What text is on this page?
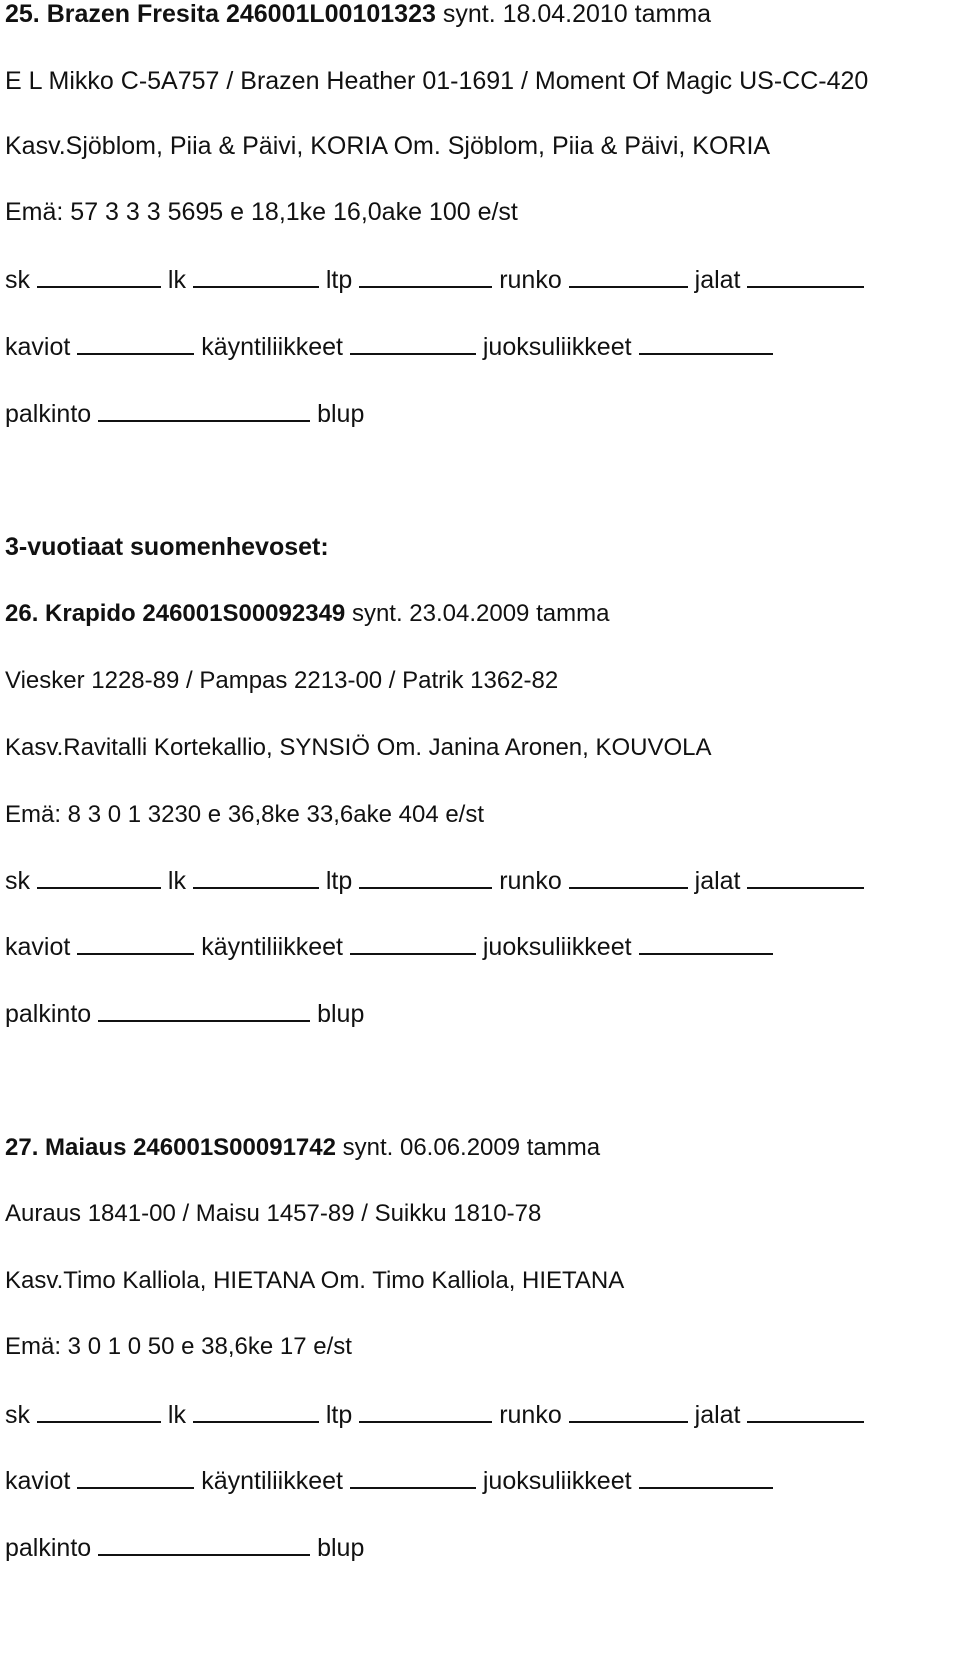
25. Brazen Fresita 246001L00101323 synt. 18.04.2010 tamma
E L Mikko C-5A757 / Brazen Heather 01-1691 / Moment Of Magic US-CC-420
Kasv.Sjöblom, Piia & Päivi, KORIA Om. Sjöblom, Piia & Päivi, KORIA
Emä: 57 3 3 3 5695 e 18,1ke 16,0ake 100 e/st
sk	lk	ltp	runko	jalat
kaviot	käyntiliikkeet	juoksuliikkeet
palkinto	blup
3-vuotiaat suomenhevoset:
26. Krapido 246001S00092349 synt. 23.04.2009 tamma
Viesker 1228-89 / Pampas 2213-00 / Patrik 1362-82
Kasv.Ravitalli Kortekallio, SYNSIÖ Om. Janina Aronen, KOUVOLA
Emä: 8 3 0 1 3230 e 36,8ke 33,6ake 404 e/st
sk	lk	ltp	runko	jalat
kaviot	käyntiliikkeet	juoksuliikkeet
palkinto	blup
27. Maiaus 246001S00091742 synt. 06.06.2009 tamma
Auraus 1841-00 / Maisu 1457-89 / Suikku 1810-78
Kasv.Timo Kalliola, HIETANA Om. Timo Kalliola, HIETANA
Emä: 3 0 1 0 50 e 38,6ke 17 e/st
sk	lk	ltp	runko	jalat
kaviot	käyntiliikkeet	juoksuliikkeet
palkinto	blup
